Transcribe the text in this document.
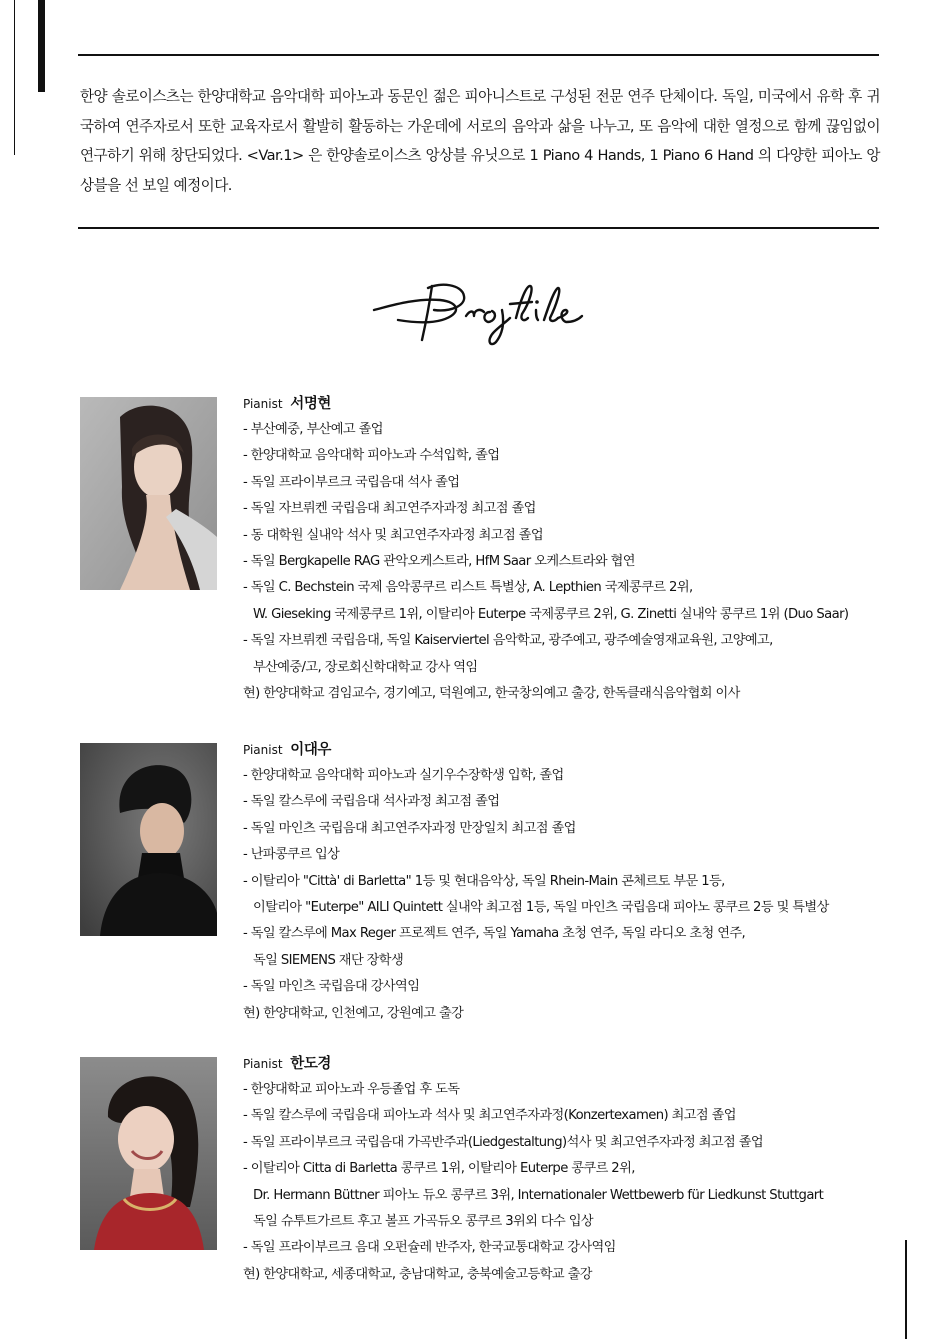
한양 솔로이스츠는 한양대학교 음악대학 피아노과 동문인 젊은 피아니스트로 구성된 전문 연주 단체이다. 독일, 미국에서 유학 후 귀국하여 연주자로서 또한 교육자로서 활발히 활동하는 가운데에 서로의 음악과 삶을 나누고, 또 음악에 대한 열정으로 함께 끊임없이 연구하기 위해 창단되었다. <Var.1> 은 한양솔로이스츠 앙상블 유닛으로 1 Piano 4 Hands, 1 Piano 6 Hand 의 다양한 피아노 앙상블을 선 보일 예정이다.

Pianist 서명현
- 부산예중, 부산예고 졸업
- 한양대학교 음악대학 피아노과 수석입학, 졸업
- 독일 프라이부르크 국립음대 석사 졸업
- 독일 자브뤼켄 국립음대 최고연주자과정 최고점 졸업
- 동 대학원 실내악 석사 및 최고연주자과정 최고점 졸업
- 독일 Bergkapelle RAG 관악오케스트라, HfM Saar 오케스트라와 협연
- 독일 C. Bechstein 국제 음악콩쿠르 리스트 특별상, A. Lepthien 국제콩쿠르 2위,
W. Gieseking 국제콩쿠르 1위, 이탈리아 Euterpe 국제콩쿠르 2위, G. Zinetti 실내악 콩쿠르 1위 (Duo Saar)
- 독일 자브뤼켄 국립음대, 독일 Kaiserviertel 음악학교, 광주예고, 광주예술영재교육원, 고양예고,
부산예중/고, 장로회신학대학교 강사 역임
현) 한양대학교 겸임교수, 경기예고, 덕원예고, 한국창의예고 출강, 한독클래식음악협회 이사
Pianist 이대우
- 한양대학교 음악대학 피아노과 실기우수장학생 입학, 졸업
- 독일 칼스루에 국립음대 석사과정 최고점 졸업
- 독일 마인츠 국립음대 최고연주자과정 만장일치 최고점 졸업
- 난파콩쿠르 입상
- 이탈리아 "Città' di Barletta" 1등 및 현대음악상, 독일 Rhein-Main 콘체르토 부문 1등,
이탈리아 "Euterpe" AILI Quintett 실내악 최고점 1등, 독일 마인츠 국립음대 피아노 콩쿠르 2등 및 특별상
- 독일 칼스루에 Max Reger 프로젝트 연주, 독일 Yamaha 초청 연주, 독일 라디오 초청 연주,
독일 SIEMENS 재단 장학생
- 독일 마인츠 국립음대 강사역임
현) 한양대학교, 인천예고, 강원예고 출강
Pianist 한도경
- 한양대학교 피아노과 우등졸업 후 도독
- 독일 칼스루에 국립음대 피아노과 석사 및 최고연주자과정(Konzertexamen) 최고점 졸업
- 독일 프라이부르크 국립음대 가곡반주과(Liedgestaltung)석사 및 최고연주자과정 최고점 졸업
- 이탈리아 Citta di Barletta 콩쿠르 1위, 이탈리아 Euterpe 콩쿠르 2위,
Dr. Hermann Büttner 피아노 듀오 콩쿠르 3위, Internationaler Wettbewerb für Liedkunst Stuttgart
독일 슈투트가르트 후고 볼프 가곡듀오 콩쿠르 3위외 다수 입상
- 독일 프라이부르크 음대 오펀슐레 반주자, 한국교통대학교 강사역임
현) 한양대학교, 세종대학교, 충남대학교, 충북예술고등학교 출강
